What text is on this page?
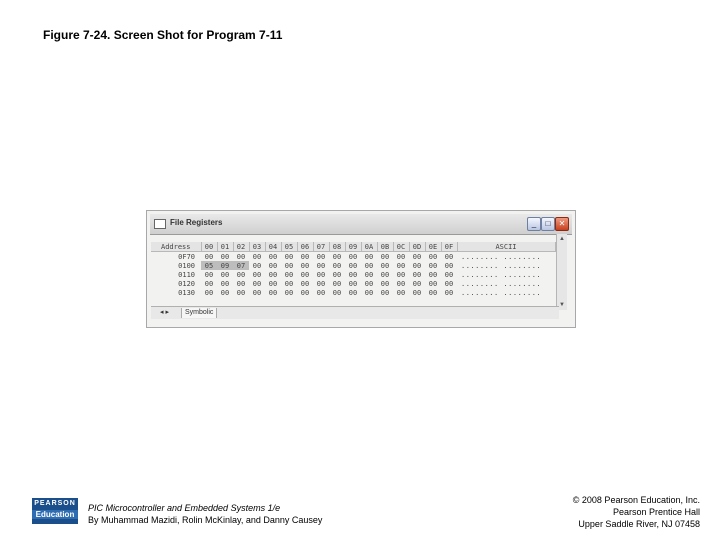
Figure 7-24. Screen Shot for Program 7-11
File Registers	_	□	✕
Address	00	01	02	03	04	05	06	07	08	09	0A	0B	0C	0D	0E	0F	ASCII
0F70	00	00	00	00	00	00	00	00	00	00	00	00	00	00	00	00	........ ........
0100	05	09	07	00	00	00	00	00	00	00	00	00	00	00	00	00	........ ........
0110	00	00	00	00	00	00	00	00	00	00	00	00	00	00	00	00	........ ........
0120	00	00	00	00	00	00	00	00	00	00	00	00	00	00	00	00	........ ........
0130	00	00	00	00	00	00	00	00	00	00	00	00	00	00	00	00	........ ........
▲
▼
◂ ▸	Symbolic
PEARSON
Education
PIC Microcontroller and Embedded Systems 1/e
By Muhammad Mazidi, Rolin McKinlay, and Danny Causey
© 2008 Pearson Education, Inc.
Pearson Prentice Hall
Upper Saddle River, NJ 07458
